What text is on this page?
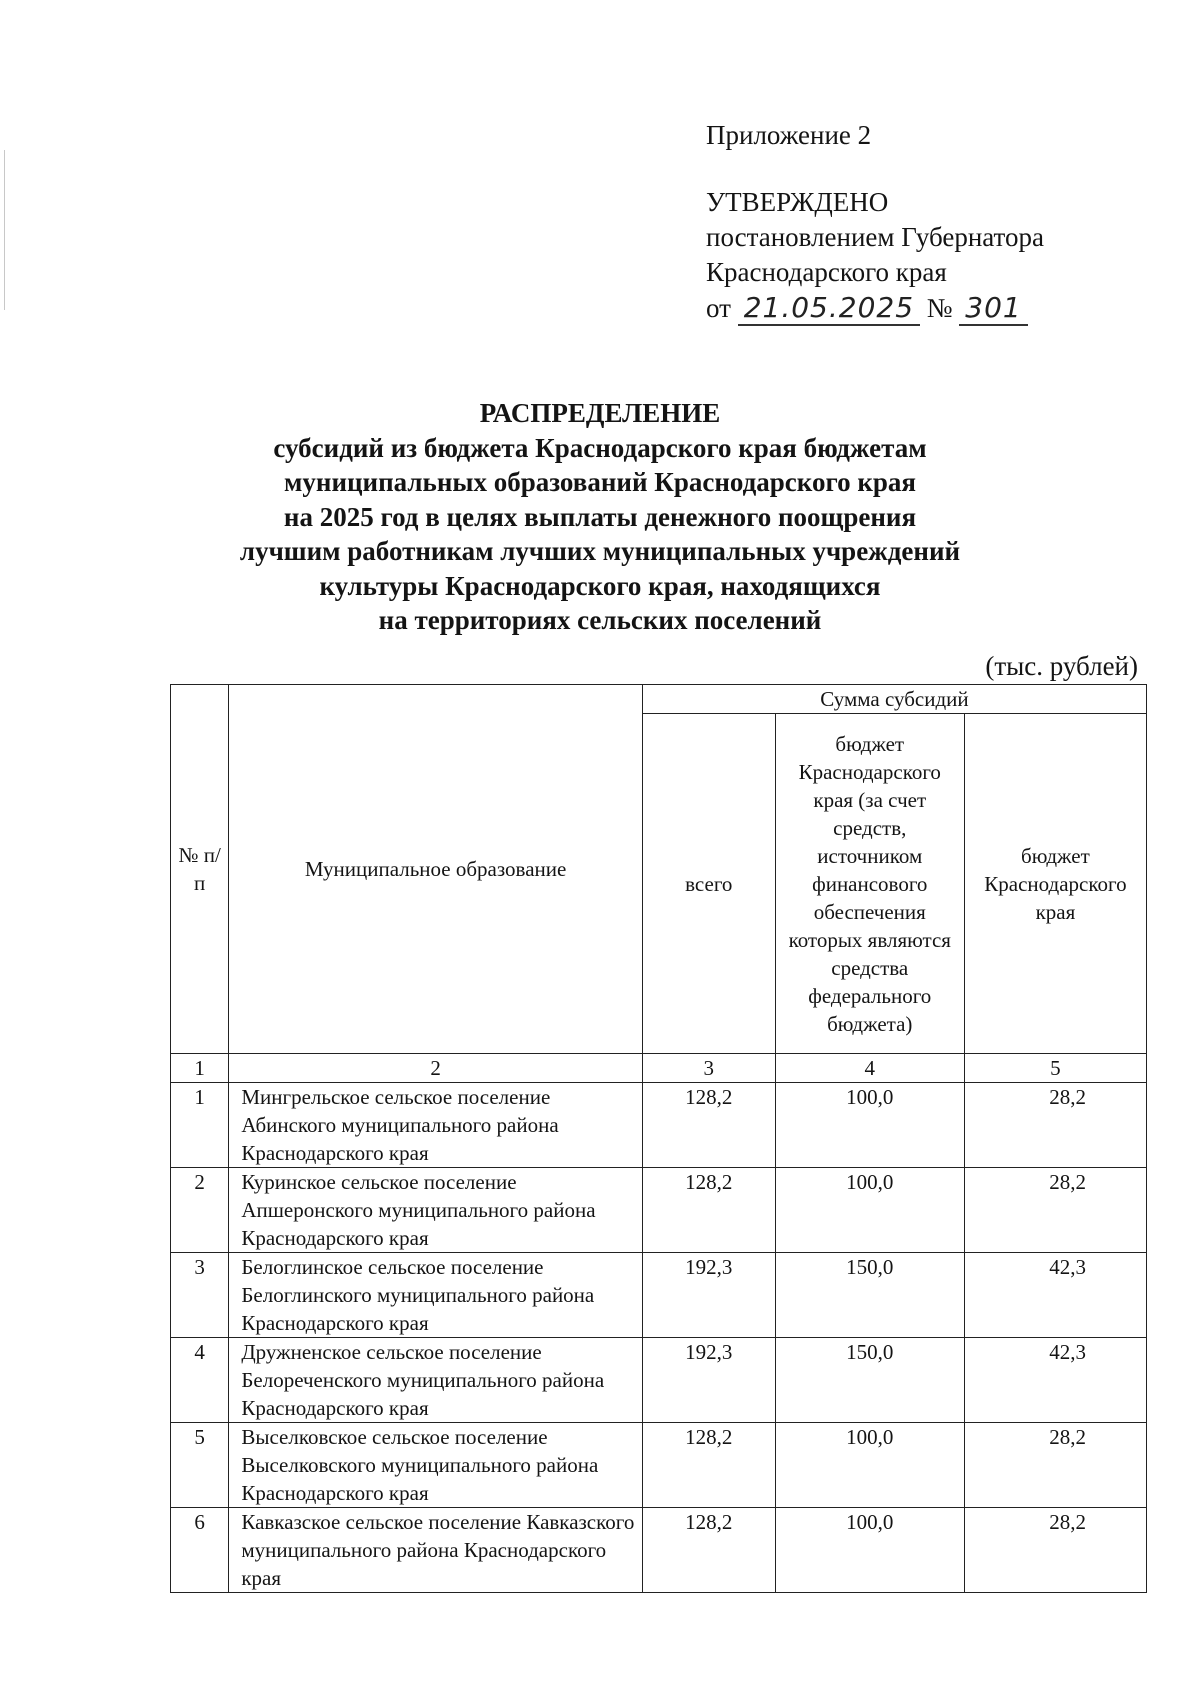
Приложение 2
УТВЕРЖДЕНО
постановлением Губернатора
Краснодарского края
от 21.05.2025 № 301
РАСПРЕДЕЛЕНИЕ
субсидий из бюджета Краснодарского края бюджетам
муниципальных образований Краснодарского края
на 2025 год в целях выплаты денежного поощрения
лучшим работникам лучших муниципальных учреждений
культуры Краснодарского края, находящихся
на территориях сельских поселений
(тыс. рублей)
№ п/п	Муниципальное образование	Сумма субсидий		
		всего	бюджет Краснодарского края (за счет средств, источником финансового обеспечения которых являются средства федерального бюджета)	бюджет Краснодарского края
1	2	3	4	5
1	Мингрельское сельское поселение Абинского муниципального района Краснодарского края	128,2	100,0	28,2
2	Куринское сельское поселение Апшеронского муниципального района Краснодарского края	128,2	100,0	28,2
3	Белоглинское сельское поселение Белоглинского муниципального района Краснодарского края	192,3	150,0	42,3
4	Дружненское сельское поселение Белореченского муниципального района Краснодарского края	192,3	150,0	42,3
5	Выселковское сельское поселение Выселковского муниципального района Краснодарского края	128,2	100,0	28,2
6	Кавказское сельское поселение Кавказского муниципального района Краснодарского края	128,2	100,0	28,2
